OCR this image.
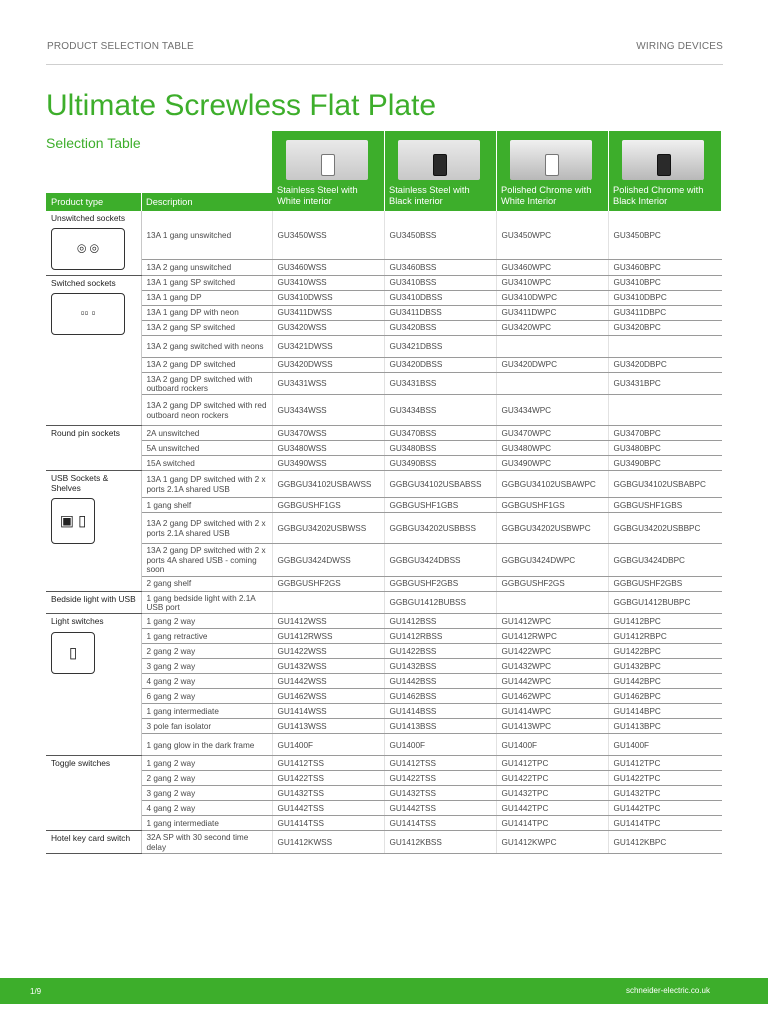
PRODUCT SELECTION TABLE	WIRING DEVICES
Ultimate Screwless Flat Plate
Selection Table
Stainless Steel with White interior
Stainless Steel with Black interior
Polished Chrome with White Interior
Polished Chrome with Black Interior
Product type	Description
Unswitched sockets
◎ ◎	13A 1 gang unswitched	GU3450WSS	GU3450BSS	GU3450WPC	GU3450BPC
	13A 2 gang unswitched	GU3460WSS	GU3460BSS	GU3460WPC	GU3460BPC

Switched sockets
▫▫ ▫	13A 1 gang SP switched	GU3410WSS	GU3410BSS	GU3410WPC	GU3410BPC
	13A 1 gang DP	GU3410DWSS	GU3410DBSS	GU3410DWPC	GU3410DBPC
	13A 1 gang DP with neon	GU3411DWSS	GU3411DBSS	GU3411DWPC	GU3411DBPC
	13A 2 gang SP switched	GU3420WSS	GU3420BSS	GU3420WPC	GU3420BPC
	13A 2 gang switched with neons	GU3421DWSS	GU3421DBSS		
	13A 2 gang DP switched	GU3420DWSS	GU3420DBSS	GU3420DWPC	GU3420DBPC
	13A 2 gang DP switched with outboard rockers	GU3431WSS	GU3431BSS		GU3431BPC
	13A 2 gang DP switched with red outboard neon rockers	GU3434WSS	GU3434BSS	GU3434WPC	

Round pin sockets	2A unswitched	GU3470WSS	GU3470BSS	GU3470WPC	GU3470BPC
	5A unswitched	GU3480WSS	GU3480BSS	GU3480WPC	GU3480BPC
	15A switched	GU3490WSS	GU3490BSS	GU3490WPC	GU3490BPC

USB Sockets & Shelves
▣ ▯	13A 1 gang DP switched with 2 x ports 2.1A shared USB	GGBGU34102USBAWSS	GGBGU34102USBABSS	GGBGU34102USBAWPC	GGBGU34102USBABPC
	1 gang shelf	GGBGUSHF1GS	GGBGUSHF1GBS	GGBGUSHF1GS	GGBGUSHF1GBS
	13A 2 gang DP switched with 2 x ports 2.1A shared USB	GGBGU34202USBWSS	GGBGU34202USBBSS	GGBGU34202USBWPC	GGBGU34202USBBPC
	13A 2 gang DP switched with 2 x ports 4A shared USB - coming soon	GGBGU3424DWSS	GGBGU3424DBSS	GGBGU3424DWPC	GGBGU3424DBPC
	2 gang shelf	GGBGUSHF2GS	GGBGUSHF2GBS	GGBGUSHF2GS	GGBGUSHF2GBS

Bedside light with USB	1 gang bedside light with 2.1A USB port		GGBGU1412BUBSS		GGBGU1412BUBPC

Light switches
▯	1 gang 2 way	GU1412WSS	GU1412BSS	GU1412WPC	GU1412BPC
	1 gang retractive	GU1412RWSS	GU1412RBSS	GU1412RWPC	GU1412RBPC
	2 gang 2 way	GU1422WSS	GU1422BSS	GU1422WPC	GU1422BPC
	3 gang 2 way	GU1432WSS	GU1432BSS	GU1432WPC	GU1432BPC
	4 gang 2 way	GU1442WSS	GU1442BSS	GU1442WPC	GU1442BPC
	6 gang 2 way	GU1462WSS	GU1462BSS	GU1462WPC	GU1462BPC
	1 gang intermediate	GU1414WSS	GU1414BSS	GU1414WPC	GU1414BPC
	3 pole fan isolator	GU1413WSS	GU1413BSS	GU1413WPC	GU1413BPC
	1 gang glow in the dark frame	GU1400F	GU1400F	GU1400F	GU1400F

Toggle switches	1 gang 2 way	GU1412TSS	GU1412TSS	GU1412TPC	GU1412TPC
	2 gang 2 way	GU1422TSS	GU1422TSS	GU1422TPC	GU1422TPC
	3 gang 2 way	GU1432TSS	GU1432TSS	GU1432TPC	GU1432TPC
	4 gang 2 way	GU1442TSS	GU1442TSS	GU1442TPC	GU1442TPC
	1 gang intermediate	GU1414TSS	GU1414TSS	GU1414TPC	GU1414TPC

Hotel key card switch	32A SP with 30 second time delay	GU1412KWSS	GU1412KBSS	GU1412KWPC	GU1412KBPC
1/9	schneider-electric.co.uk
